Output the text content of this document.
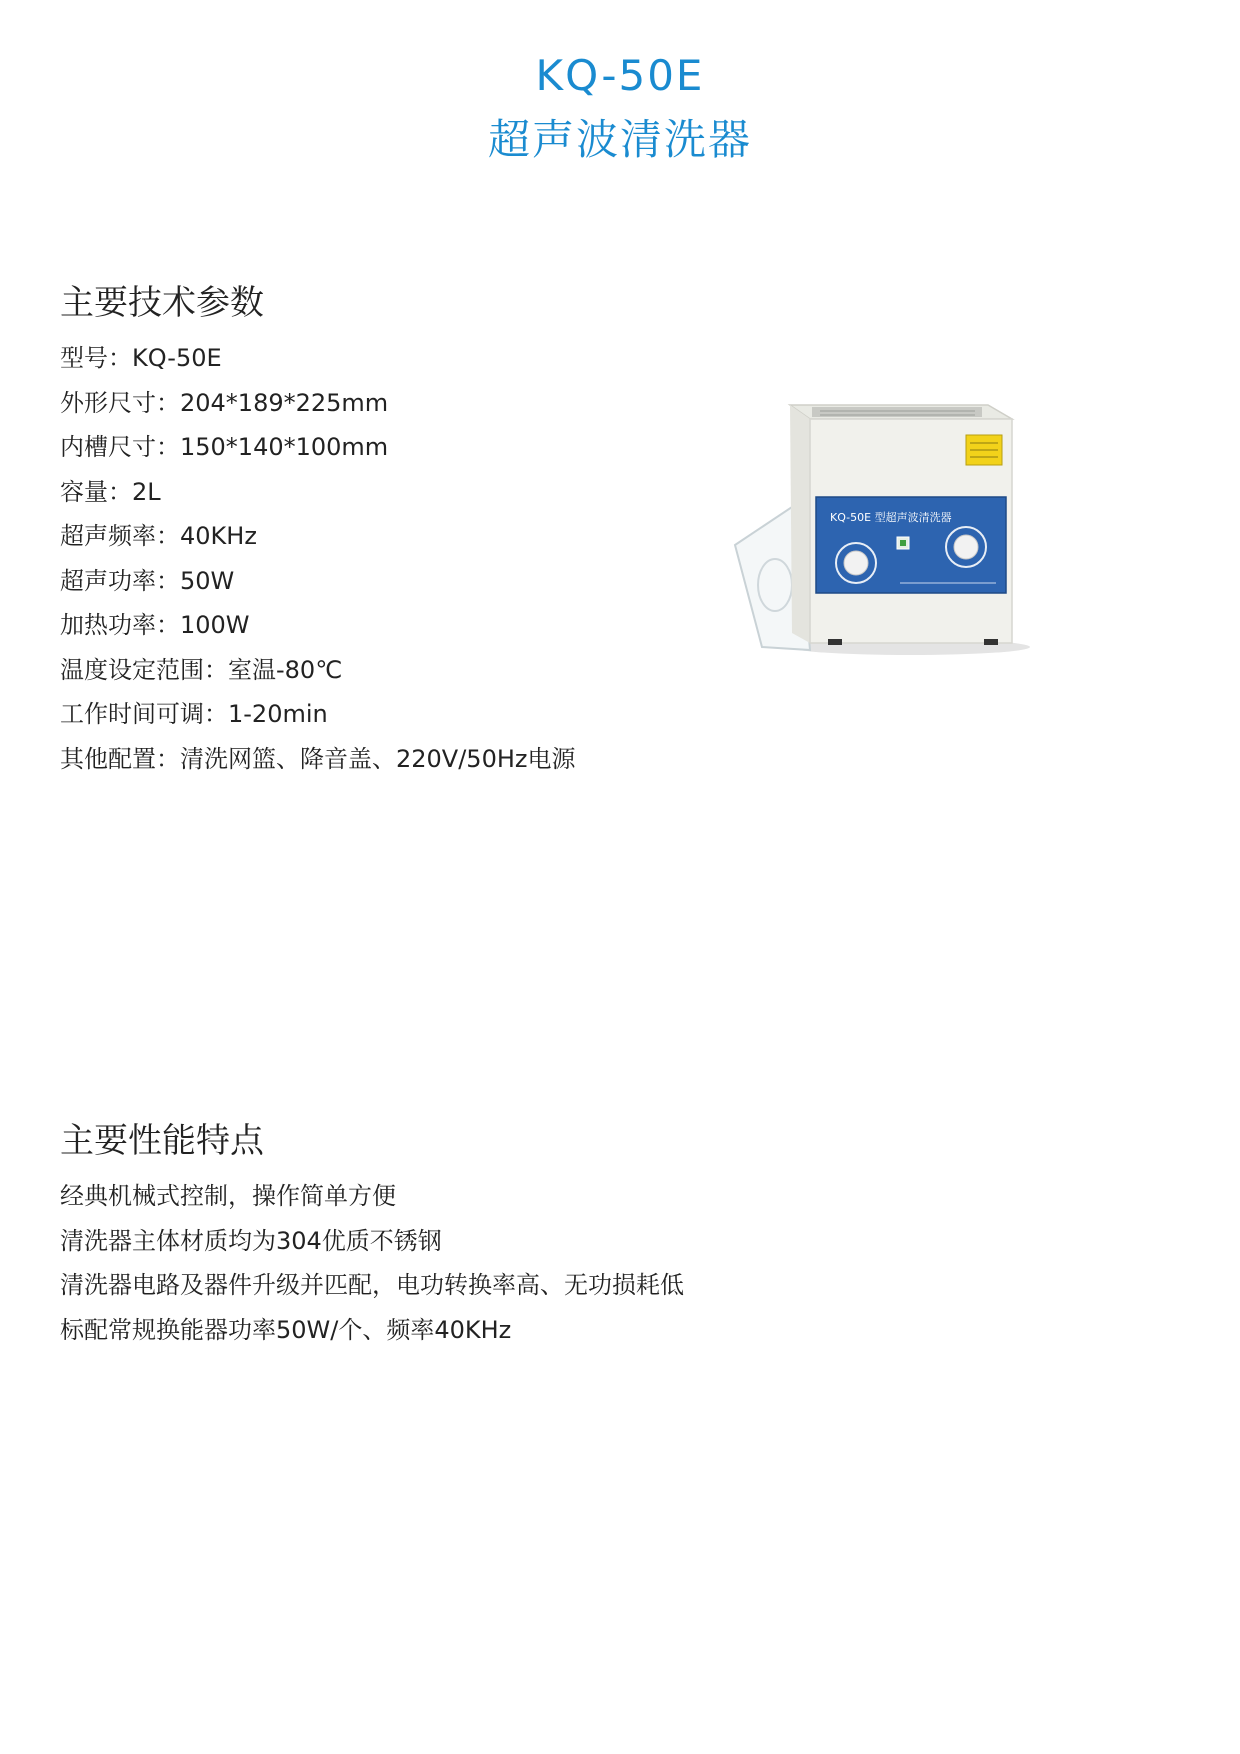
KQ-50E
超声波清洗器
主要技术参数
型号：KQ-50E
外形尺寸：204*189*225mm
内槽尺寸：150*140*100mm
容量：2L
超声频率：40KHz
超声功率：50W
加热功率：100W
温度设定范围：室温-80℃
工作时间可调：1-20min
其他配置：清洗网篮、降音盖、220V/50Hz电源
KQ-50E 型超声波清洗器
主要性能特点
经典机械式控制，操作简单方便
清洗器主体材质均为304优质不锈钢
清洗器电路及器件升级并匹配，电功转换率高、无功损耗低
标配常规换能器功率50W/个、频率40KHz
